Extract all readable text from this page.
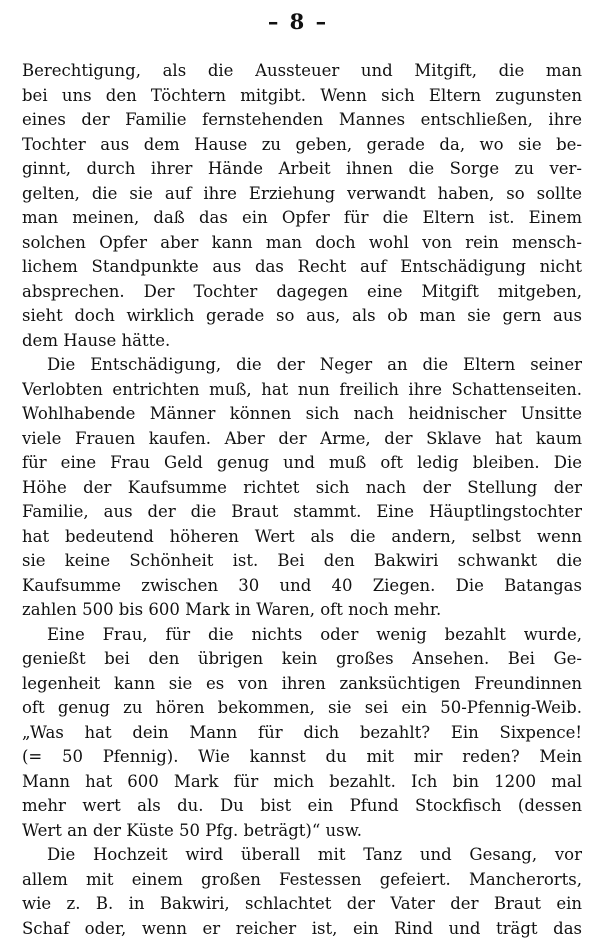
– 8 –
Berechtigung, als die Aussteuer und Mitgift, die man
bei uns den Töchtern mitgibt. Wenn sich Eltern zugunsten
eines der Familie fernstehenden Mannes entschließen, ihre
Tochter aus dem Hause zu geben, gerade da, wo sie be-
ginnt, durch ihrer Hände Arbeit ihnen die Sorge zu ver-
gelten, die sie auf ihre Erziehung verwandt haben, so sollte
man meinen, daß das ein Opfer für die Eltern ist. Einem
solchen Opfer aber kann man doch wohl von rein mensch-
lichem Standpunkte aus das Recht auf Entschädigung nicht
absprechen. Der Tochter dagegen eine Mitgift mitgeben,
sieht doch wirklich gerade so aus, als ob man sie gern aus
dem Hause hätte.
Die Entschädigung, die der Neger an die Eltern seiner
Verlobten entrichten muß, hat nun freilich ihre Schattenseiten.
Wohlhabende Männer können sich nach heidnischer Unsitte
viele Frauen kaufen. Aber der Arme, der Sklave hat kaum
für eine Frau Geld genug und muß oft ledig bleiben. Die
Höhe der Kaufsumme richtet sich nach der Stellung der
Familie, aus der die Braut stammt. Eine Häuptlingstochter
hat bedeutend höheren Wert als die andern, selbst wenn
sie keine Schönheit ist. Bei den Bakwiri schwankt die
Kaufsumme zwischen 30 und 40 Ziegen. Die Batangas
zahlen 500 bis 600 Mark in Waren, oft noch mehr.
Eine Frau, für die nichts oder wenig bezahlt wurde,
genießt bei den übrigen kein großes Ansehen. Bei Ge-
legenheit kann sie es von ihren zanksüchtigen Freundinnen
oft genug zu hören bekommen, sie sei ein 50-Pfennig-Weib.
„Was hat dein Mann für dich bezahlt? Ein Sixpence!
(= 50 Pfennig). Wie kannst du mit mir reden? Mein
Mann hat 600 Mark für mich bezahlt. Ich bin 1200 mal
mehr wert als du. Du bist ein Pfund Stockfisch (dessen
Wert an der Küste 50 Pfg. beträgt)“ usw.
Die Hochzeit wird überall mit Tanz und Gesang, vor
allem mit einem großen Festessen gefeiert. Mancherorts,
wie z. B. in Bakwiri, schlachtet der Vater der Braut ein
Schaf oder, wenn er reicher ist, ein Rind und trägt das
